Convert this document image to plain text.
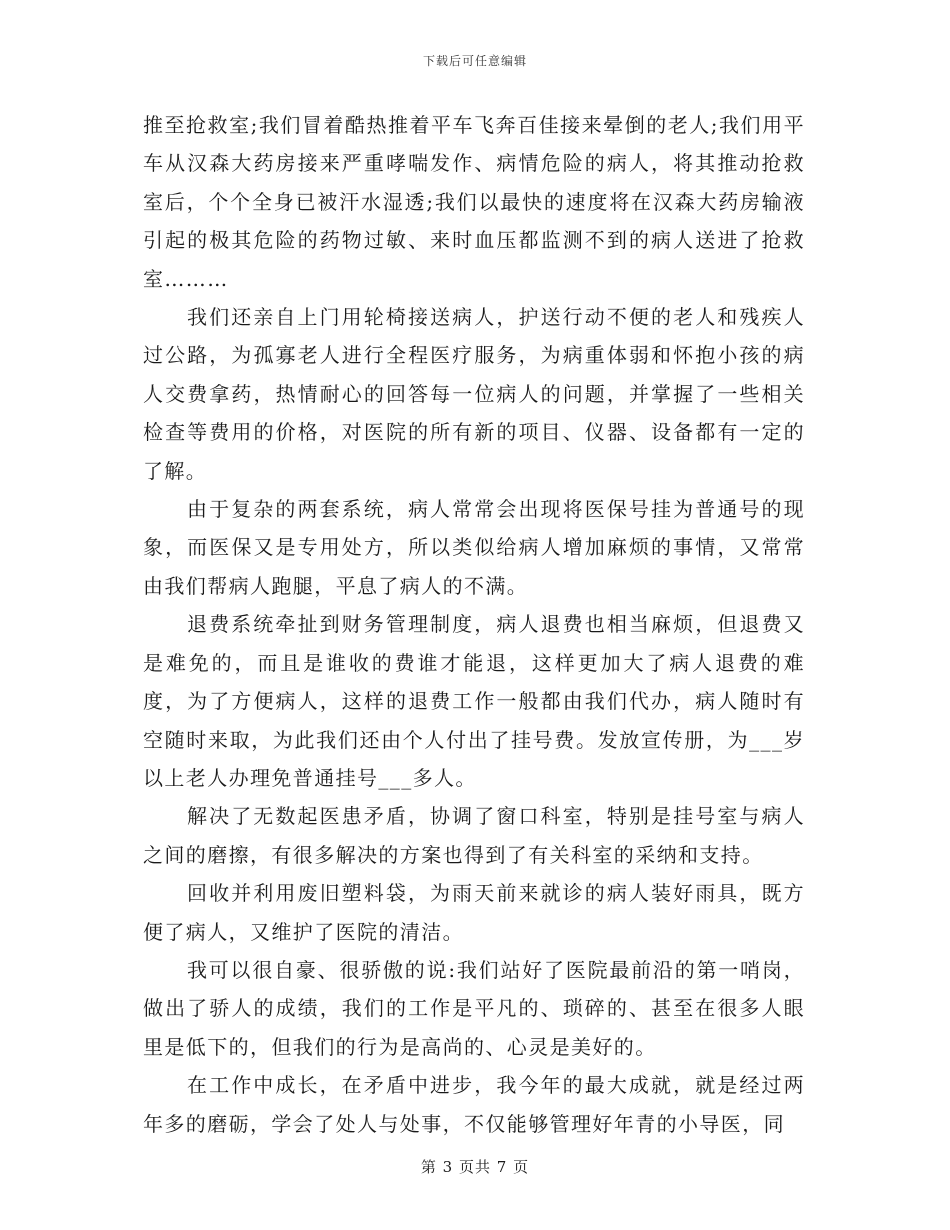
下载后可任意编辑

推至抢救室;我们冒着酷热推着平车飞奔百佳接来晕倒的老人;我们用平车从汉森大药房接来严重哮喘发作、病情危险的病人，将其推动抢救室后，个个全身已被汗水湿透;我们以最快的速度将在汉森大药房输液引起的极其危险的药物过敏、来时血压都监测不到的病人送进了抢救室………

我们还亲自上门用轮椅接送病人，护送行动不便的老人和残疾人过公路，为孤寡老人进行全程医疗服务，为病重体弱和怀抱小孩的病人交费拿药，热情耐心的回答每一位病人的问题，并掌握了一些相关检查等费用的价格，对医院的所有新的项目、仪器、设备都有一定的了解。

由于复杂的两套系统，病人常常会出现将医保号挂为普通号的现象，而医保又是专用处方，所以类似给病人增加麻烦的事情，又常常由我们帮病人跑腿，平息了病人的不满。

退费系统牵扯到财务管理制度，病人退费也相当麻烦，但退费又是难免的，而且是谁收的费谁才能退，这样更加大了病人退费的难度，为了方便病人，这样的退费工作一般都由我们代办，病人随时有空随时来取，为此我们还由个人付出了挂号费。发放宣传册，为___岁以上老人办理免普通挂号___多人。

解决了无数起医患矛盾，协调了窗口科室，特别是挂号室与病人之间的磨擦，有很多解决的方案也得到了有关科室的采纳和支持。

回收并利用废旧塑料袋，为雨天前来就诊的病人装好雨具，既方便了病人，又维护了医院的清洁。

我可以很自豪、很骄傲的说:我们站好了医院最前沿的第一哨岗，做出了骄人的成绩，我们的工作是平凡的、琐碎的、甚至在很多人眼里是低下的，但我们的行为是高尚的、心灵是美好的。

在工作中成长，在矛盾中进步，我今年的最大成就，就是经过两年多的磨砺，学会了处人与处事，不仅能够管理好年青的小导医，同

第 3 页共 7 页
